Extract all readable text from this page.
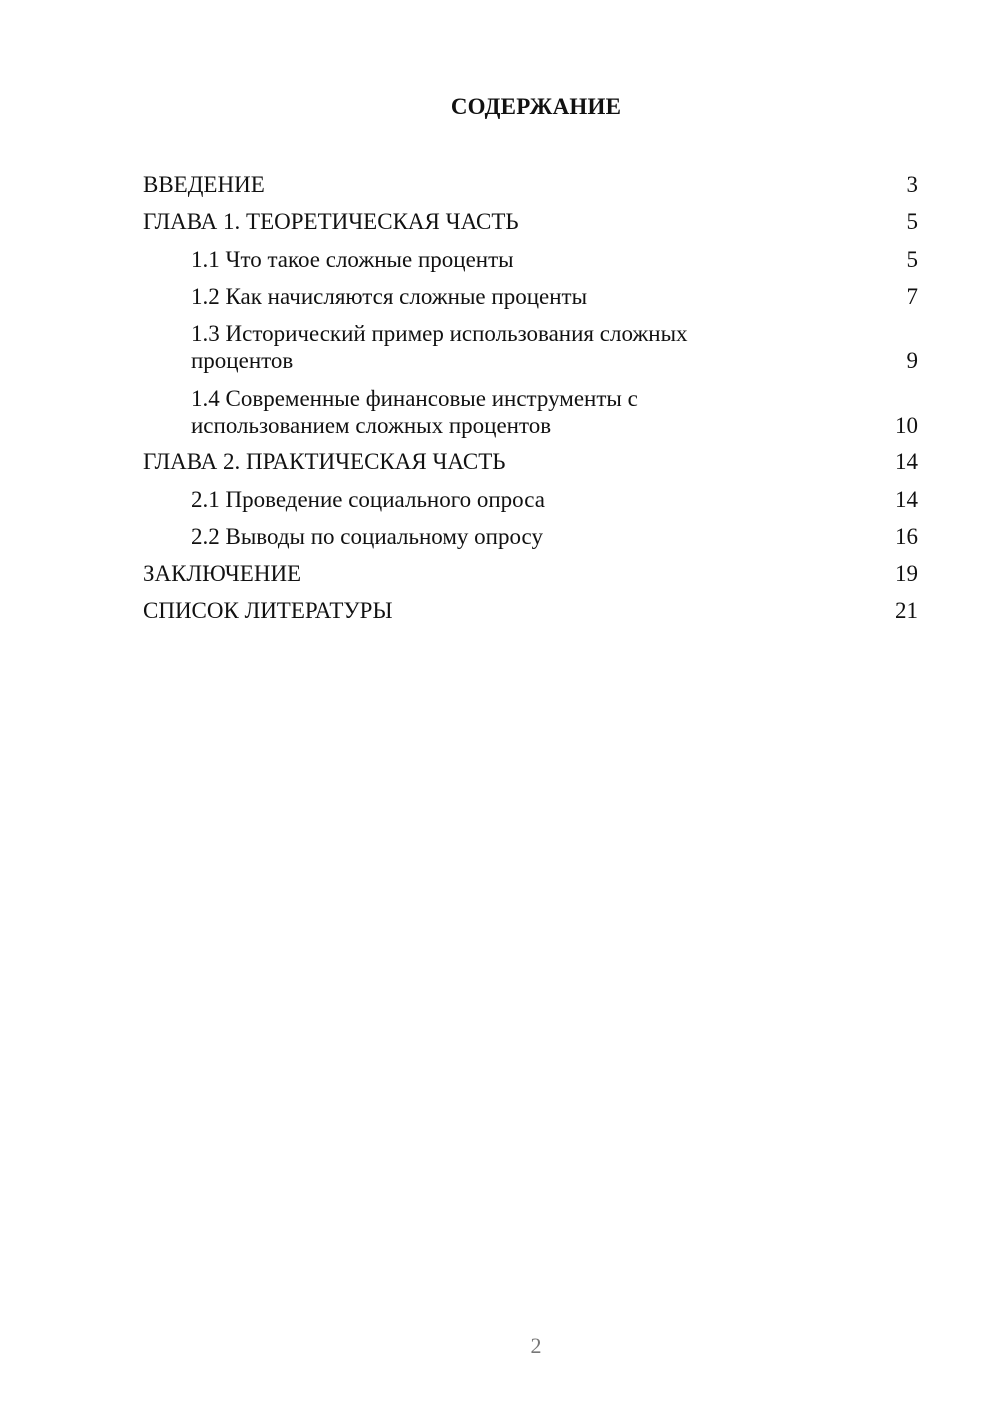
СОДЕРЖАНИЕ
ВВЕДЕНИЕ	3
ГЛАВА 1. ТЕОРЕТИЧЕСКАЯ ЧАСТЬ	5
1.1 Что такое сложные проценты	5
1.2 Как начисляются сложные проценты	7
1.3 Исторический пример использования сложных
процентов	9
1.4 Современные финансовые инструменты с
использованием сложных процентов	10
ГЛАВА 2. ПРАКТИЧЕСКАЯ ЧАСТЬ	14
2.1 Проведение социального опроса	14
2.2 Выводы по социальному опросу	16
ЗАКЛЮЧЕНИЕ	19
СПИСОК ЛИТЕРАТУРЫ	21
2
